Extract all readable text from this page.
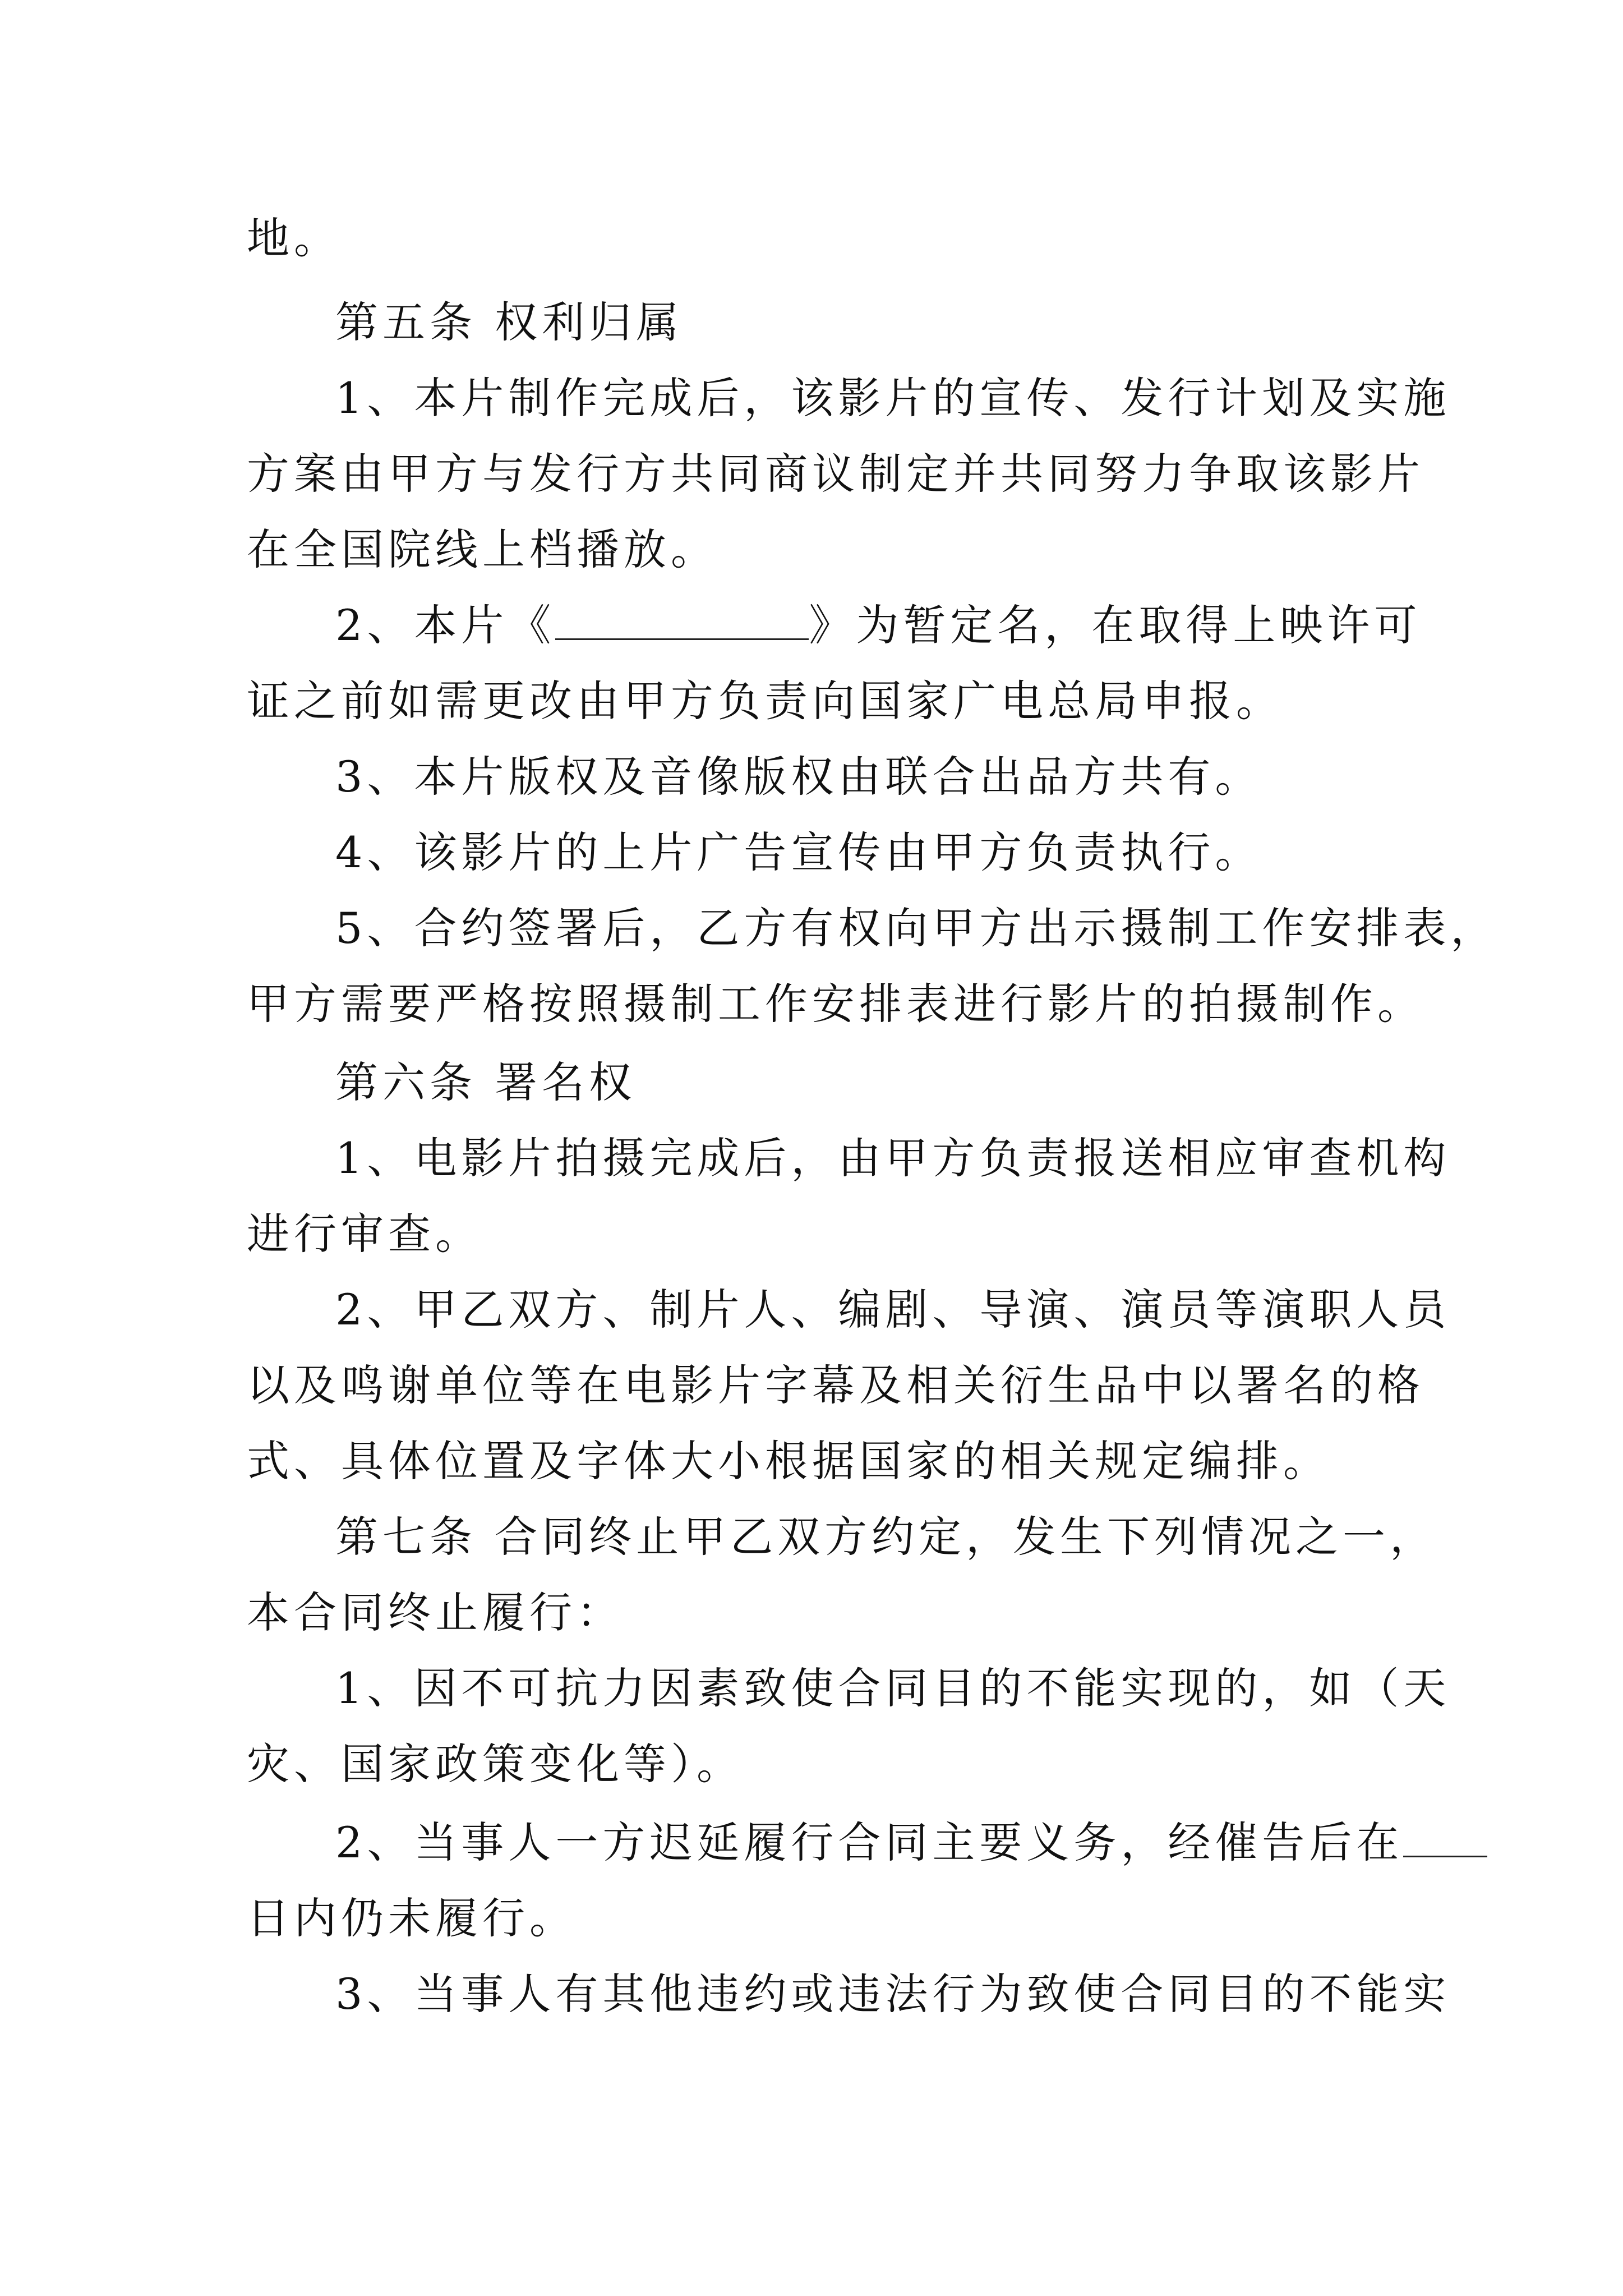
地。
第五条 权利归属
1、本片制作完成后，该影片的宣传、发行计划及实施
方案由甲方与发行方共同商议制定并共同努力争取该影片
在全国院线上档播放。
2、本片《	》为暂定名，在取得上映许可
证之前如需更改由甲方负责向国家广电总局申报。
3、本片版权及音像版权由联合出品方共有。
4、该影片的上片广告宣传由甲方负责执行。
5、合约签署后，乙方有权向甲方出示摄制工作安排表，
甲方需要严格按照摄制工作安排表进行影片的拍摄制作。
第六条 署名权
1、电影片拍摄完成后，由甲方负责报送相应审查机构
进行审查。
2、甲乙双方、制片人、编剧、导演、演员等演职人员
以及鸣谢单位等在电影片字幕及相关衍生品中以署名的格
式、具体位置及字体大小根据国家的相关规定编排。
第七条 合同终止甲乙双方约定，发生下列情况之一，
本合同终止履行：
1、因不可抗力因素致使合同目的不能实现的，如（天
灾、国家政策变化等）。
2、当事人一方迟延履行合同主要义务，经催告后在
日内仍未履行。
3、当事人有其他违约或违法行为致使合同目的不能实
